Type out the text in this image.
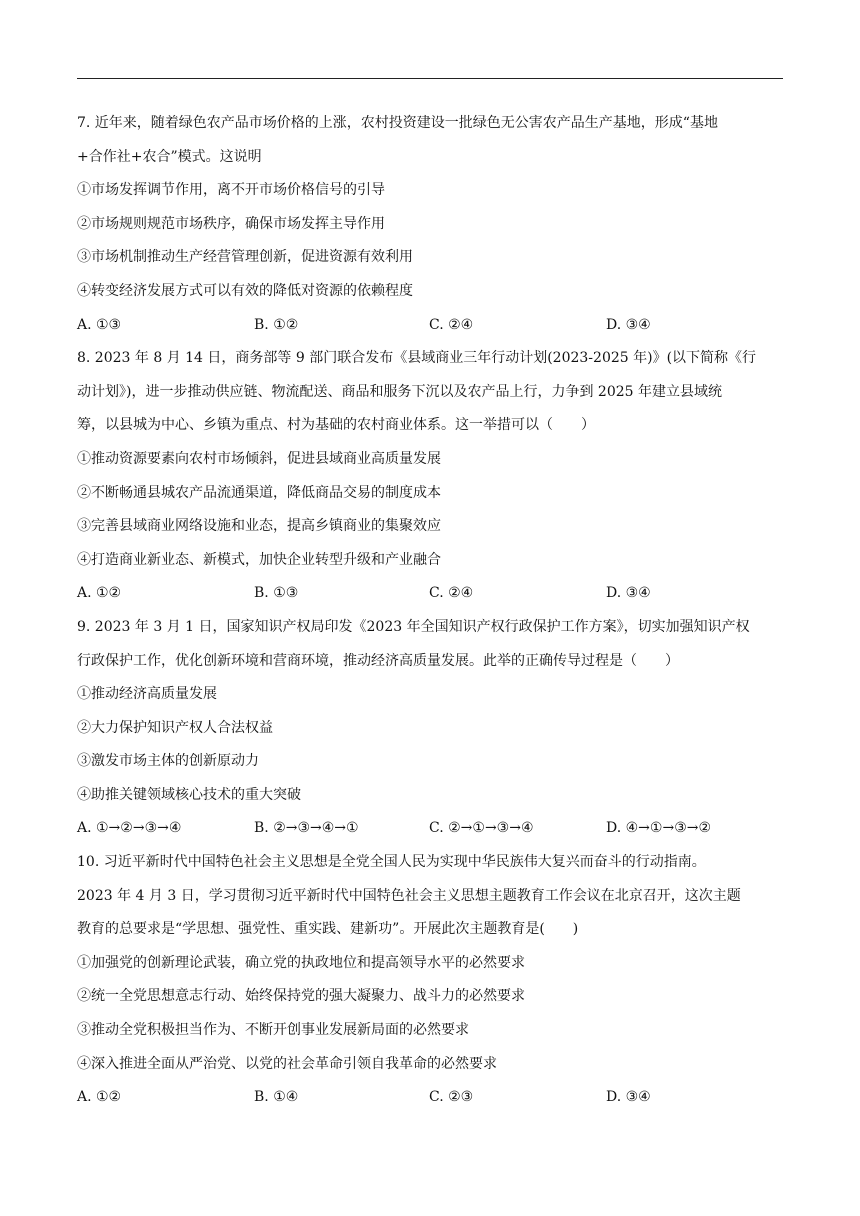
7. 近年来，随着绿色农产品市场价格的上涨，农村投资建设一批绿色无公害农产品生产基地，形成“基地
+合作社+农合”模式。这说明
①市场发挥调节作用，离不开市场价格信号的引导
②市场规则规范市场秩序，确保市场发挥主导作用
③市场机制推动生产经营管理创新，促进资源有效利用
④转变经济发展方式可以有效的降低对资源的依赖程度
A. ①③	B. ①②	C. ②④	D. ③④
8. 2023 年 8 月 14 日，商务部等 9 部门联合发布《县域商业三年行动计划(2023-2025 年)》(以下简称《行
动计划》)，进一步推动供应链、物流配送、商品和服务下沉以及农产品上行，力争到 2025 年建立县域统
筹，以县城为中心、乡镇为重点、村为基础的农村商业体系。这一举措可以（　　）
①推动资源要素向农村市场倾斜，促进县域商业高质量发展
②不断畅通县城农产品流通渠道，降低商品交易的制度成本
③完善县域商业网络设施和业态，提高乡镇商业的集聚效应
④打造商业新业态、新模式，加快企业转型升级和产业融合
A. ①②	B. ①③	C. ②④	D. ③④
9. 2023 年 3 月 1 日，国家知识产权局印发《2023 年全国知识产权行政保护工作方案》，切实加强知识产权
行政保护工作，优化创新环境和营商环境，推动经济高质量发展。此举的正确传导过程是（　　）
①推动经济高质量发展
②大力保护知识产权人合法权益
③激发市场主体的创新原动力
④助推关键领域核心技术的重大突破
A. ①→②→③→④	B. ②→③→④→①	C. ②→①→③→④	D. ④→①→③→②
10. 习近平新时代中国特色社会主义思想是全党全国人民为实现中华民族伟大复兴而奋斗的行动指南。
2023 年 4 月 3 日，学习贯彻习近平新时代中国特色社会主义思想主题教育工作会议在北京召开，这次主题
教育的总要求是“学思想、强党性、重实践、建新功”。开展此次主题教育是(　　)
①加强党的创新理论武装，确立党的执政地位和提高领导水平的必然要求
②统一全党思想意志行动、始终保持党的强大凝聚力、战斗力的必然要求
③推动全党积极担当作为、不断开创事业发展新局面的必然要求
④深入推进全面从严治党、以党的社会革命引领自我革命的必然要求
A. ①②	B. ①④	C. ②③	D. ③④
